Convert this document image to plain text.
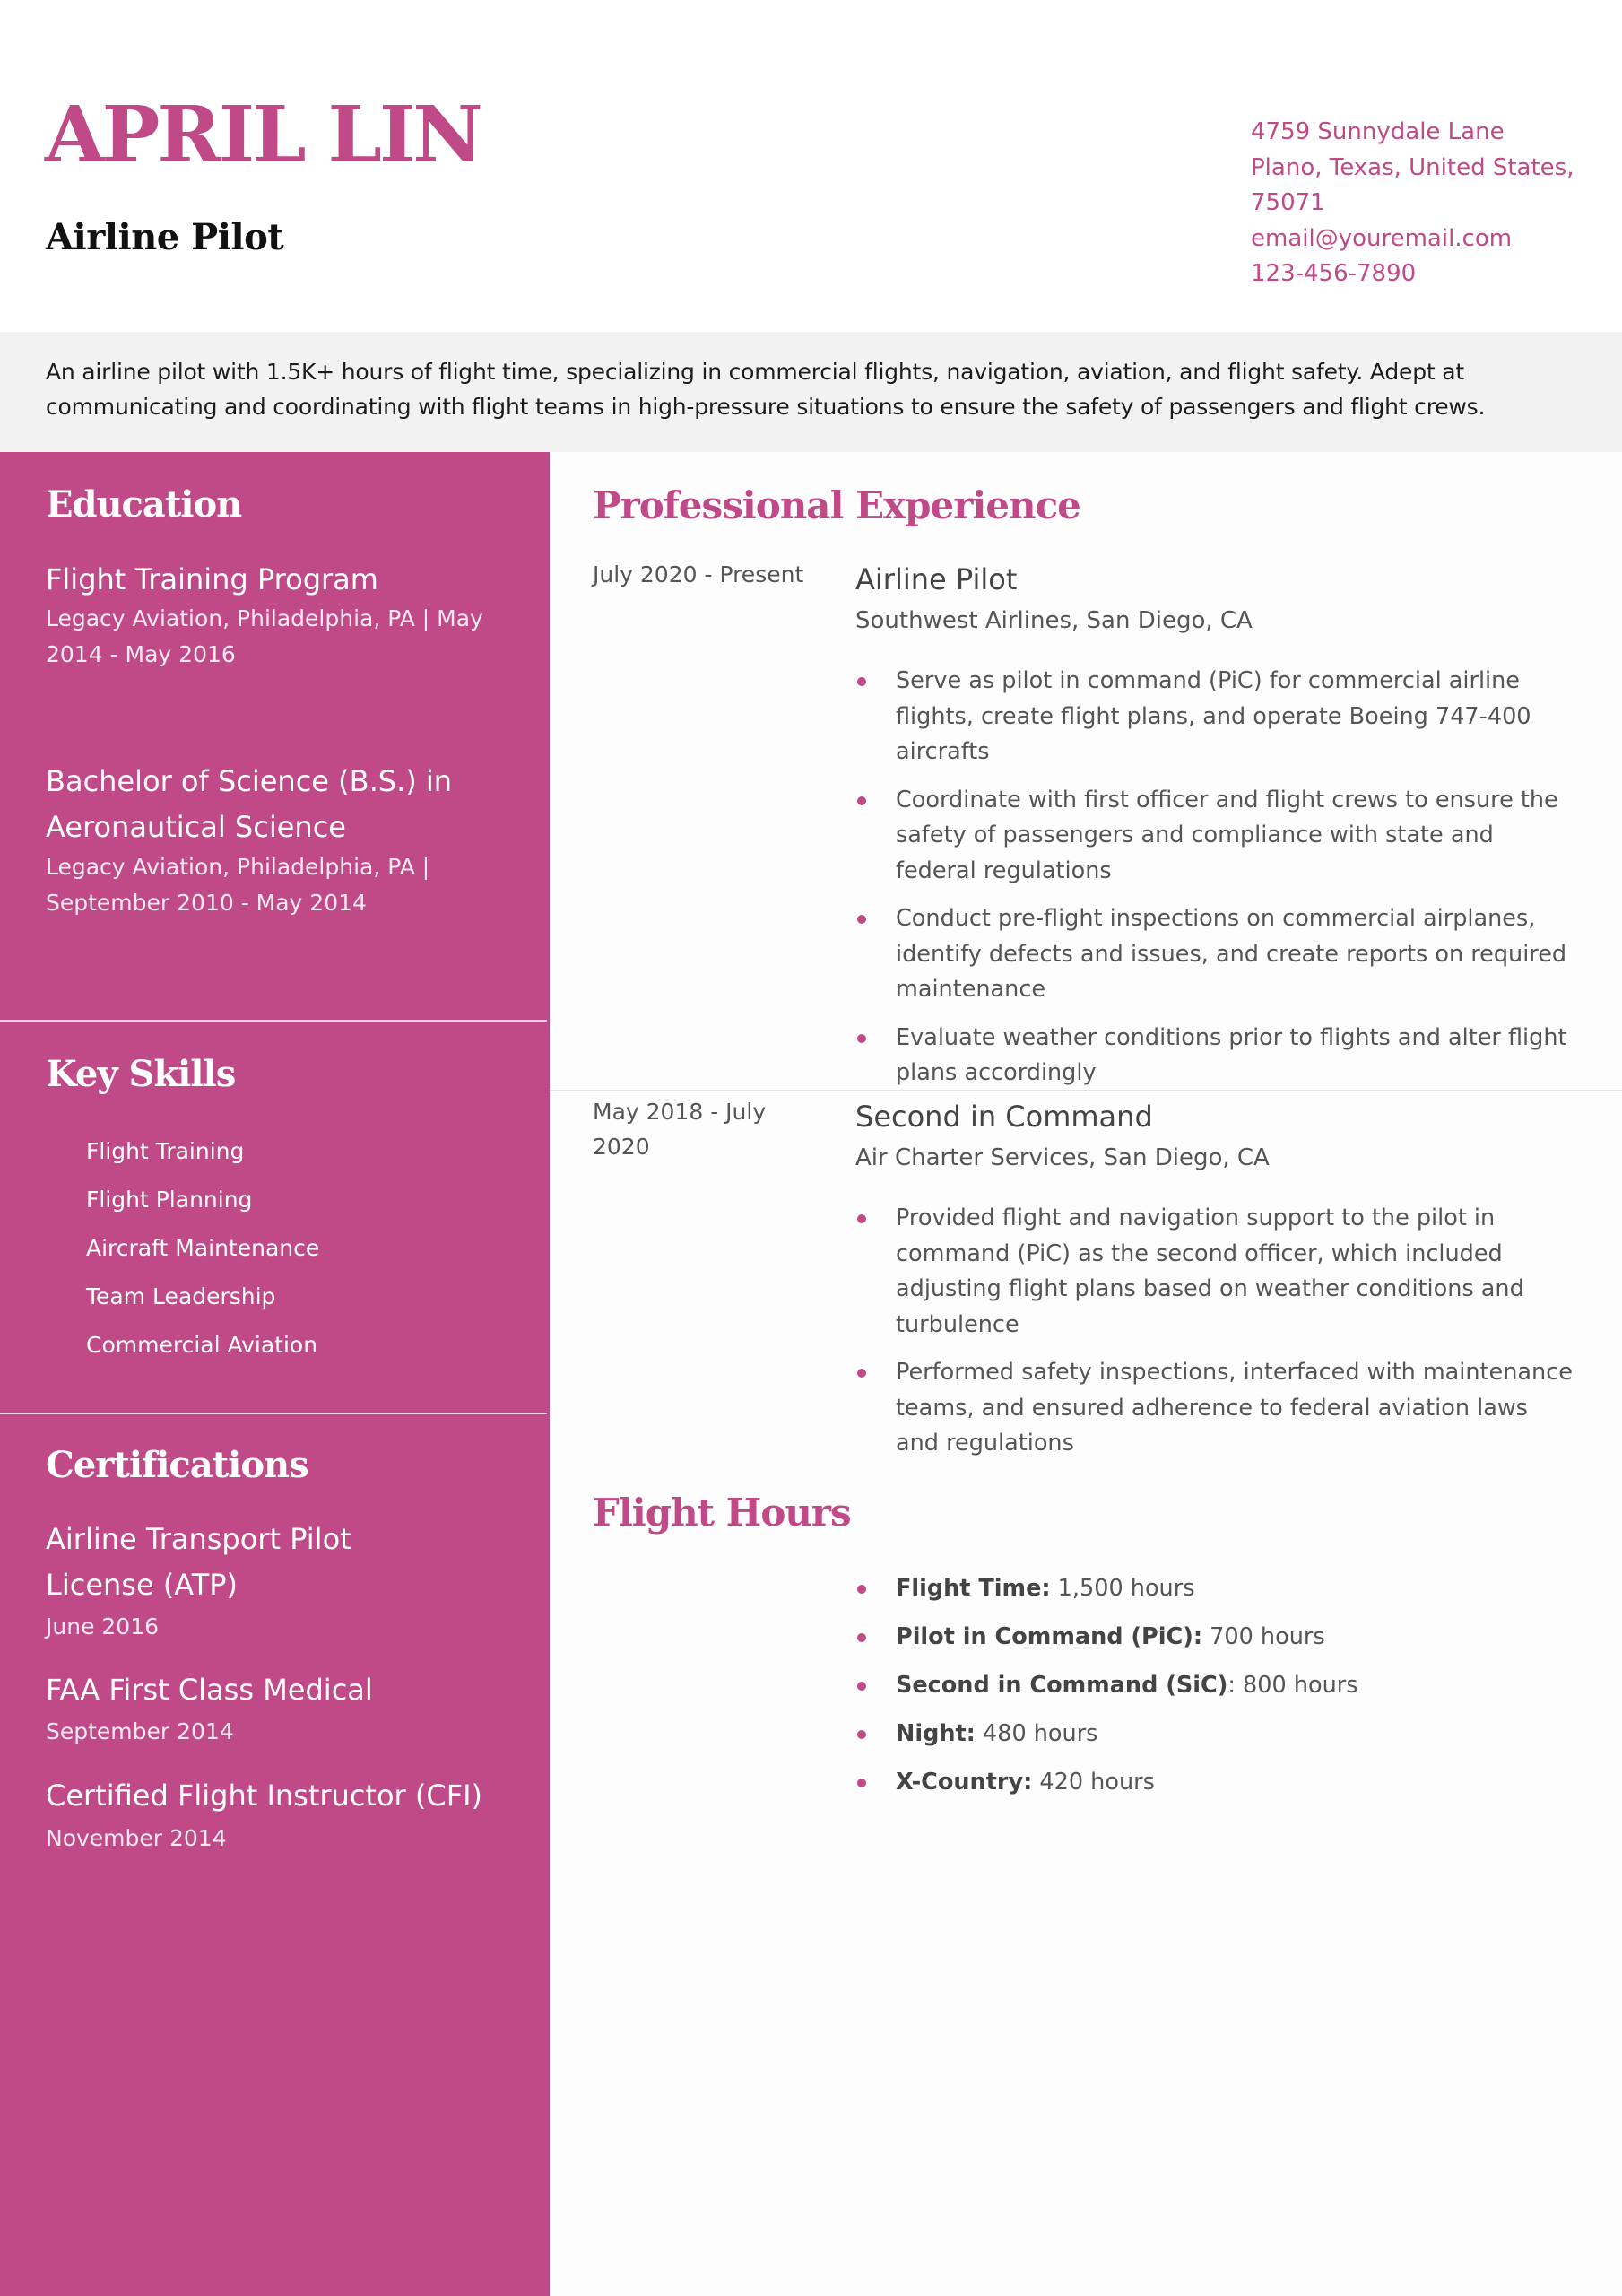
APRIL LIN
Airline Pilot
4759 Sunnydale Lane
Plano, Texas, United States,
75071
email@youremail.com
123-456-7890

An airline pilot with 1.5K+ hours of flight time, specializing in commercial flights, navigation, aviation, and flight safety. Adept at communicating and coordinating with flight teams in high-pressure situations to ensure the safety of passengers and flight crews.

Education

Flight Training Program

Legacy Aviation, Philadelphia, PA | May 2014 - May 2016

Bachelor of Science (B.S.) in Aeronautical Science

Legacy Aviation, Philadelphia, PA | September 2010 - May 2014

Key Skills
Flight Training
Flight Planning
Aircraft Maintenance
Team Leadership
Commercial Aviation
Certifications

Airline Transport Pilot License (ATP)

June 2016

FAA First Class Medical

September 2014

Certified Flight Instructor (CFI)

November 2014

Professional Experience

July 2020 - Present Airline Pilot

Southwest Airlines, San Diego, CA

Serve as pilot in command (PiC) for commercial airline flights, create flight plans, and operate Boeing 747-400 aircrafts
Coordinate with first officer and flight crews to ensure the safety of passengers and compliance with state and federal regulations
Conduct pre-flight inspections on commercial airplanes, identify defects and issues, and create reports on required maintenance
Evaluate weather conditions prior to flights and alter flight plans accordingly

May 2018 - July 2020

Second in Command

Air Charter Services, San Diego, CA

Provided flight and navigation support to the pilot in command (PiC) as the second officer, which included adjusting flight plans based on weather conditions and turbulence
Performed safety inspections, interfaced with maintenance teams, and ensured adherence to federal aviation laws and regulations
Flight Hours
Flight Time: 1,500 hours
Pilot in Command (PiC): 700 hours
Second in Command (SiC): 800 hours
Night: 480 hours
X-Country: 420 hours
